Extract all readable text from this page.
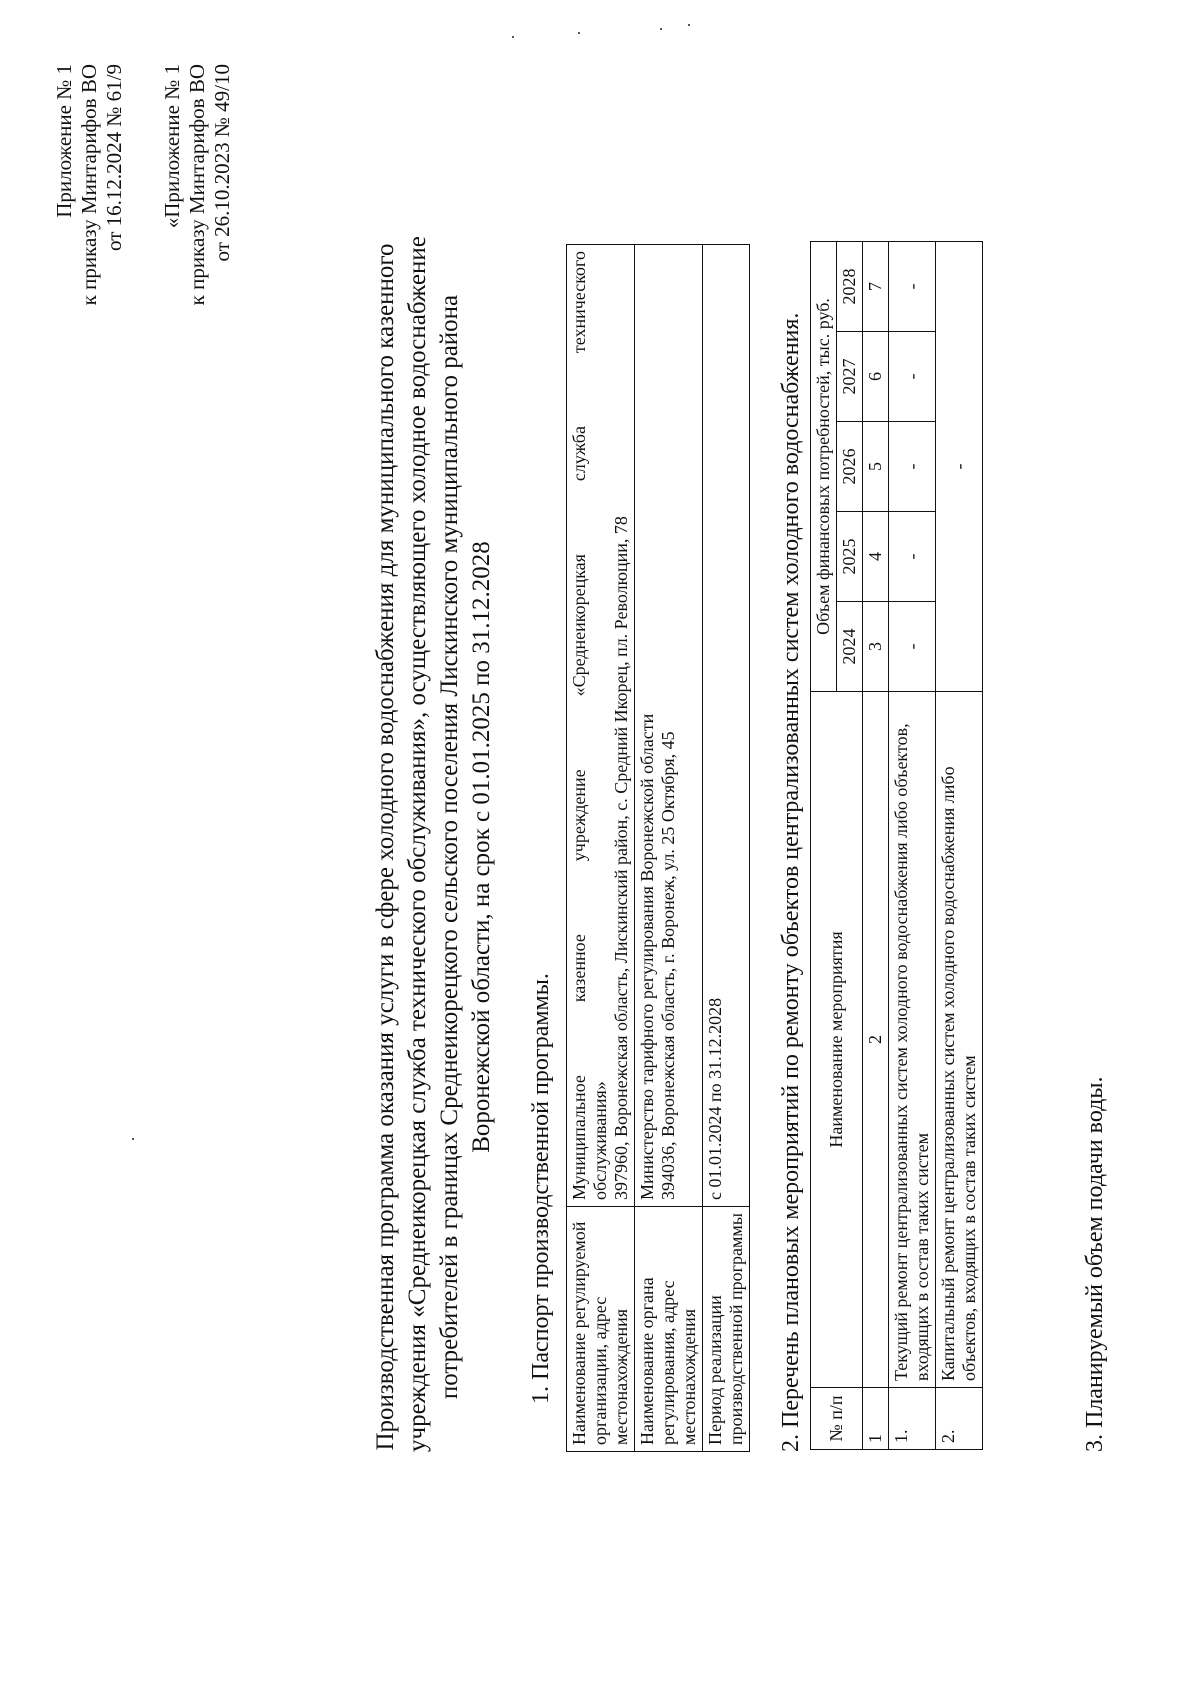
Приложение № 1 к приказу Минтарифов ВО от 16.12.2024 № 61/9 «Приложение № 1 к приказу Минтарифов ВО от 26.10.2023 № 49/10
Производственная программа оказания услуги в сфере холодного водоснабжения для муниципального казенного учреждения «Среднеикорецкая служба технического обслуживания», осуществляющего холодное водоснабжение потребителей в границах Среднеикорецкого сельского поселения Лискинского муниципального района Воронежской области, на срок с 01.01.2025 по 31.12.2028
1. Паспорт производственной программы. Наименование регулируемой организации, адрес местонахождения	Муниципальное казенное учреждение «Среднеикорецкая служба технического обслуживания» 397960, Воронежская область, Лискинский район, с. Средний Икорец, пл. Революции, 78

Наименование органа регулирования, адрес местонахождения	Министерство тарифного регулирования Воронежской области 394036, Воронежская область, г. Воронеж, ул. 25 Октября, 45

Период реализации производственной программы	с 01.01.2024 по 31.12.2028 2. Перечень плановых мероприятий по ремонту объектов централизованных систем холодного водоснабжения. № п/п	Наименование мероприятия	Объем финансовых потребностей, тыс. руб.				
		2024	2025	2026	2027	2028
1	2	3	4	5	6	7
1.	Текущий ремонт централизованных систем холодного водоснабжения либо объектов, входящих в состав таких систем	-	-	-	-	-
2.	Капитальный ремонт централизованных систем холодного водоснабжения либо объектов, входящих в состав таких систем	-				
3. Планируемый объем подачи воды.
